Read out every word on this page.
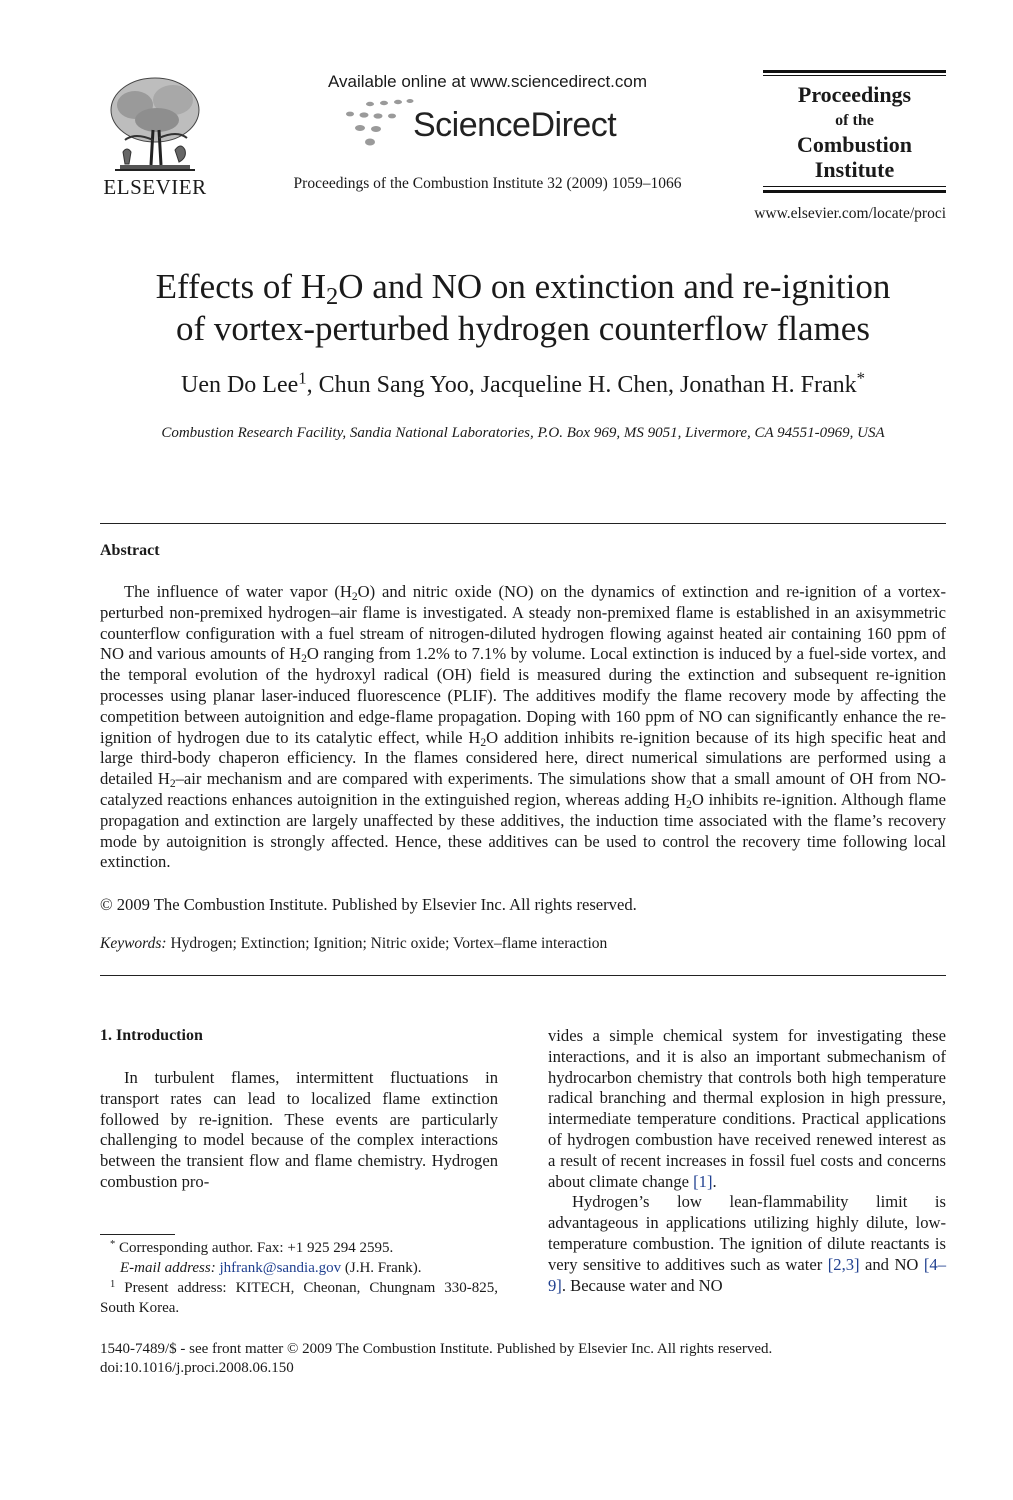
ELSEVIER
Available online at www.sciencedirect.com
ScienceDirect
Proceedings of the Combustion Institute 32 (2009) 1059–1066
Proceedings
of the
Combustion
Institute
www.elsevier.com/locate/proci
Effects of $H_2O$ and NO on extinction and re-ignition
of vortex-perturbed hydrogen counterflow flames
Uen Do Lee$^1$, Chun Sang Yoo, Jacqueline H. Chen, Jonathan H. Frank*
Combustion Research Facility, Sandia National Laboratories, P.O. Box 969, MS 9051, Livermore, CA 94551-0969, USA
Abstract
The influence of water vapor $(H_2O)$ and nitric oxide (NO) on the dynamics of extinction and re-ignition of a vortex-perturbed non-premixed hydrogen–air flame is investigated. A steady non-premixed flame is established in an axisymmetric counterflow configuration with a fuel stream of nitrogen-diluted hydrogen flowing against heated air containing 160 ppm of NO and various amounts of $H_2O$ ranging from 1.2% to 7.1% by volume. Local extinction is induced by a fuel-side vortex, and the temporal evolution of the hydroxyl radical (OH) field is measured during the extinction and subsequent re-ignition processes using planar laser-induced fluorescence (PLIF). The additives modify the flame recovery mode by affecting the competition between autoignition and edge-flame propagation. Doping with 160 ppm of NO can significantly enhance the re-ignition of hydrogen due to its catalytic effect, while $H_2O$ addition inhibits re-ignition because of its high specific heat and large third-body chaperon efficiency. In the flames considered here, direct numerical simulations are performed using a detailed $H_2$–air mechanism and are compared with experiments. The simulations show that a small amount of OH from NO-catalyzed reactions enhances autoignition in the extinguished region, whereas adding $H_2O$ inhibits re-ignition. Although flame propagation and extinction are largely unaffected by these additives, the induction time associated with the flame’s recovery mode by autoignition is strongly affected. Hence, these additives can be used to control the recovery time following local extinction.
© 2009 The Combustion Institute. Published by Elsevier Inc. All rights reserved.
Keywords: Hydrogen; Extinction; Ignition; Nitric oxide; Vortex–flame interaction
1. Introduction
In turbulent flames, intermittent fluctuations in transport rates can lead to localized flame extinction followed by re-ignition. These events are particularly challenging to model because of the complex interactions between the transient flow and flame chemistry. Hydrogen combustion pro-

vides a simple chemical system for investigating these interactions, and it is also an important submechanism of hydrocarbon chemistry that controls both high temperature radical branching and thermal explosion in high pressure, intermediate temperature conditions. Practical applications of hydrogen combustion have received renewed interest as a result of recent increases in fossil fuel costs and concerns about climate change [1].

Hydrogen’s low lean-flammability limit is advantageous in applications utilizing highly dilute, low-temperature combustion. The ignition of dilute reactants is very sensitive to additives such as water [2,3] and NO [4–9]. Because water and NO

* Corresponding author. Fax: +1 925 294 2595.

E-mail address: jhfrank@sandia.gov (J.H. Frank).

$^1$ Present address: KITECH, Cheonan, Chungnam 330-825, South Korea.

1540-7489/$ - see front matter © 2009 The Combustion Institute. Published by Elsevier Inc. All rights reserved.
doi:10.1016/j.proci.2008.06.150
